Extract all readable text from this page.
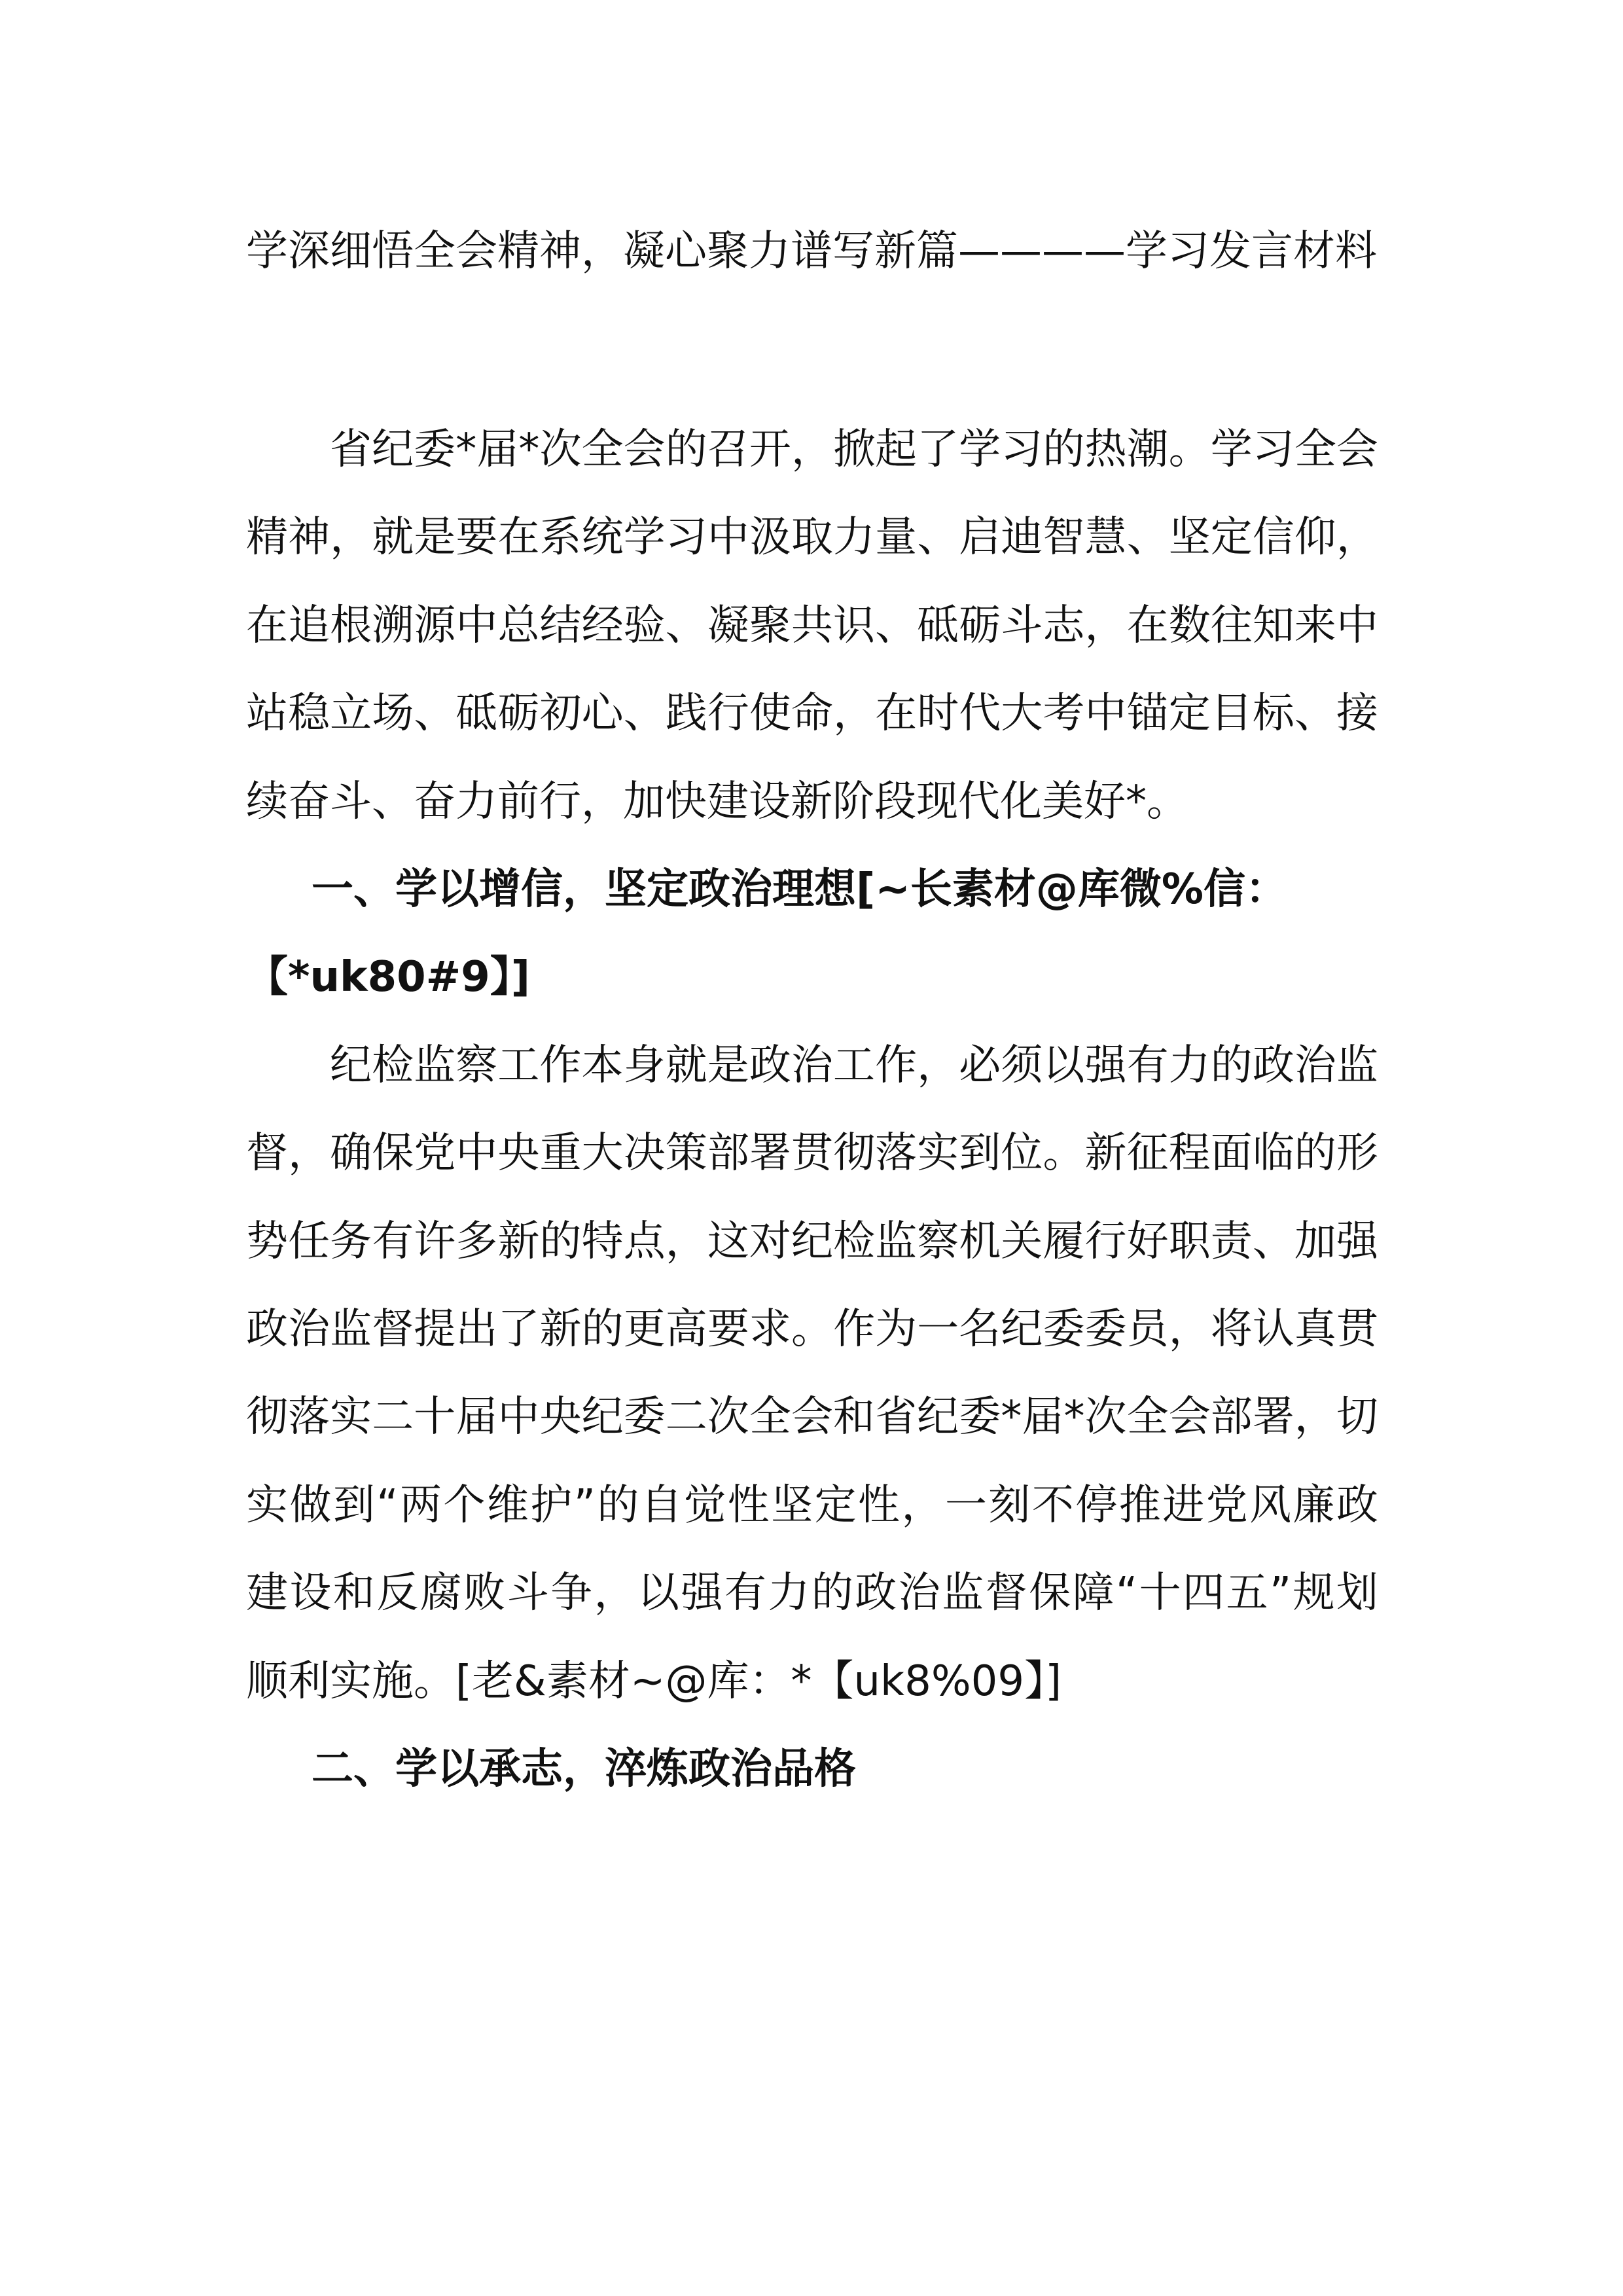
学深细悟全会精神，凝心聚力谱写新篇————学习发言材料

省纪委*届*次全会的召开，掀起了学习的热潮。学习全会精神，就是要在系统学习中汲取力量、启迪智慧、坚定信仰，在追根溯源中总结经验、凝聚共识、砥砺斗志，在数往知来中站稳立场、砥砺初心、践行使命，在时代大考中锚定目标、接续奋斗、奋力前行，加快建设新阶段现代化美好*。

一、学以增信，坚定政治理想[~长素材@库微%信：【*uk80#9】]

纪检监察工作本身就是政治工作，必须以强有力的政治监督，确保党中央重大决策部署贯彻落实到位。新征程面临的形势任务有许多新的特点，这对纪检监察机关履行好职责、加强政治监督提出了新的更高要求。作为一名纪委委员，将认真贯彻落实二十届中央纪委二次全会和省纪委*届*次全会部署，切实做到“两个维护”的自觉性坚定性，一刻不停推进党风廉政建设和反腐败斗争，以强有力的政治监督保障“十四五”规划顺利实施。[老&素材~@库：*【uk8%09】]

二、学以承志，淬炼政治品格
